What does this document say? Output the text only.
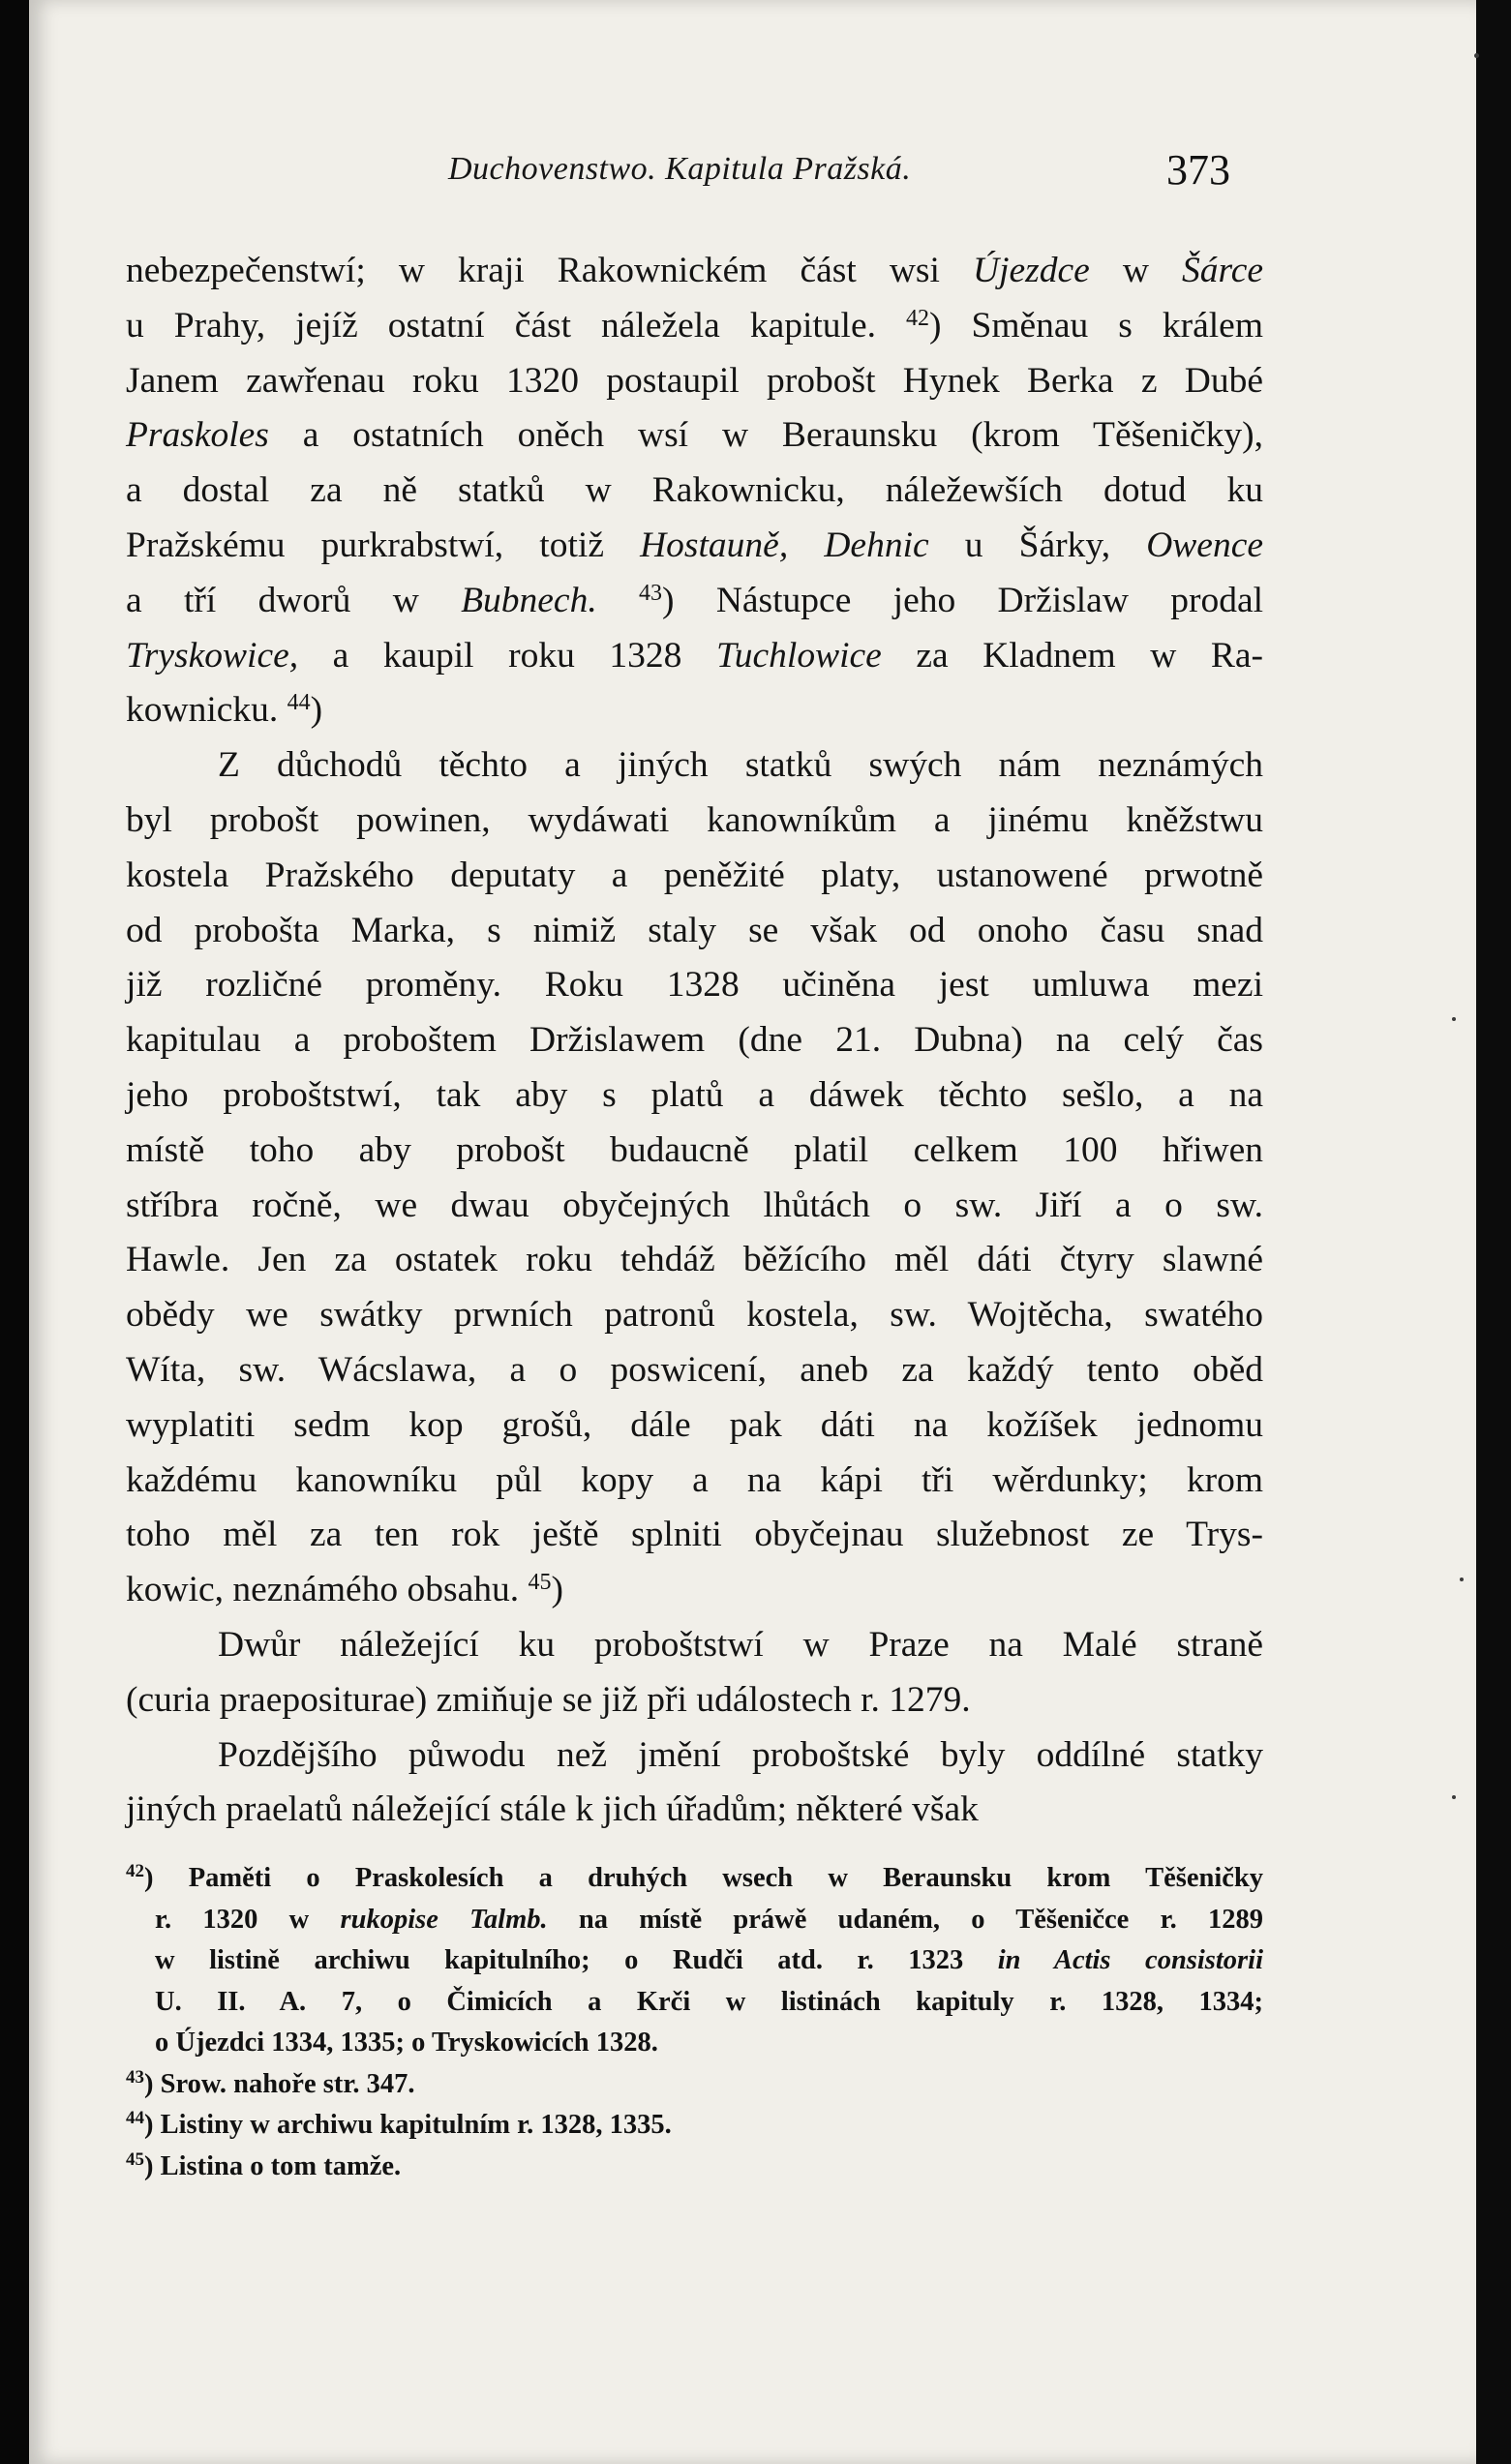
Duchovenstwo. Kapitula Pražská.	373
nebezpečenstwí; w kraji Rakownickém část wsi Újezdce w Šárce
u Prahy, jejíž ostatní část náležela kapitule. $^{42}$) Směnau s králem
Janem zawřenau roku 1320 postaupil probošt Hynek Berka z Dubé
Praskoles a ostatních oněch wsí w Beraunsku (krom Těšeničky),
a dostal za ně statků w Rakownicku, náležewších dotud ku
Pražskému purkrabstwí, totiž Hostauně, Dehnic u Šárky, Owence
a tří dworů w Bubnech. $^{43}$) Nástupce jeho Držislaw prodal
Tryskowice, a kaupil roku 1328 Tuchlowice za Kladnem w Ra-
kownicku. $^{44}$)
Z důchodů těchto a jiných statků swých nám neznámých
byl probošt powinen, wydáwati kanowníkům a jinému kněžstwu
kostela Pražského deputaty a peněžité platy, ustanowené prwotně
od probošta Marka, s nimiž staly se však od onoho času snad
již rozličné proměny. Roku 1328 učiněna jest umluwa mezi
kapitulau a proboštem Držislawem (dne 21. Dubna) na celý čas
jeho proboštstwí, tak aby s platů a dáwek těchto sešlo, a na
místě toho aby probošt budaucně platil celkem 100 hřiwen
stříbra ročně, we dwau obyčejných lhůtách o sw. Jiří a o sw.
Hawle. Jen za ostatek roku tehdáž běžícího měl dáti čtyry slawné
obědy we swátky prwních patronů kostela, sw. Wojtěcha, swatého
Wíta, sw. Wácslawa, a o poswicení, aneb za každý tento oběd
wyplatiti sedm kop grošů, dále pak dáti na kožíšek jednomu
každému kanowníku půl kopy a na kápi tři wěrdunky; krom
toho měl za ten rok ještě splniti obyčejnau služebnost ze Trys-
kowic, neznámého obsahu. $^{45}$)
Dwůr náležející ku proboštstwí w Praze na Malé straně
(curia praepositurae) zmiňuje se již při událostech r. 1279.
Pozdějšího půwodu než jmění proboštské byly oddílné statky
jiných praelatů náležející stále k jich úřadům; některé však
$^{42}$) Paměti o Praskolesích a druhých wsech w Beraunsku krom Těšeničky
r. 1320 w rukopise Talmb. na místě práwě udaném, o Těšeničce r. 1289
w listině archiwu kapitulního; o Rudči atd. r. 1323 in Actis consistorii
U. II. A. 7, o Čimicích a Krči w listinách kapituly r. 1328, 1334;
o Újezdci 1334, 1335; o Tryskowicích 1328.
$^{43}$) Srow. nahoře str. 347.
$^{44}$) Listiny w archiwu kapitulním r. 1328, 1335.
$^{45}$) Listina o tom tamže.
